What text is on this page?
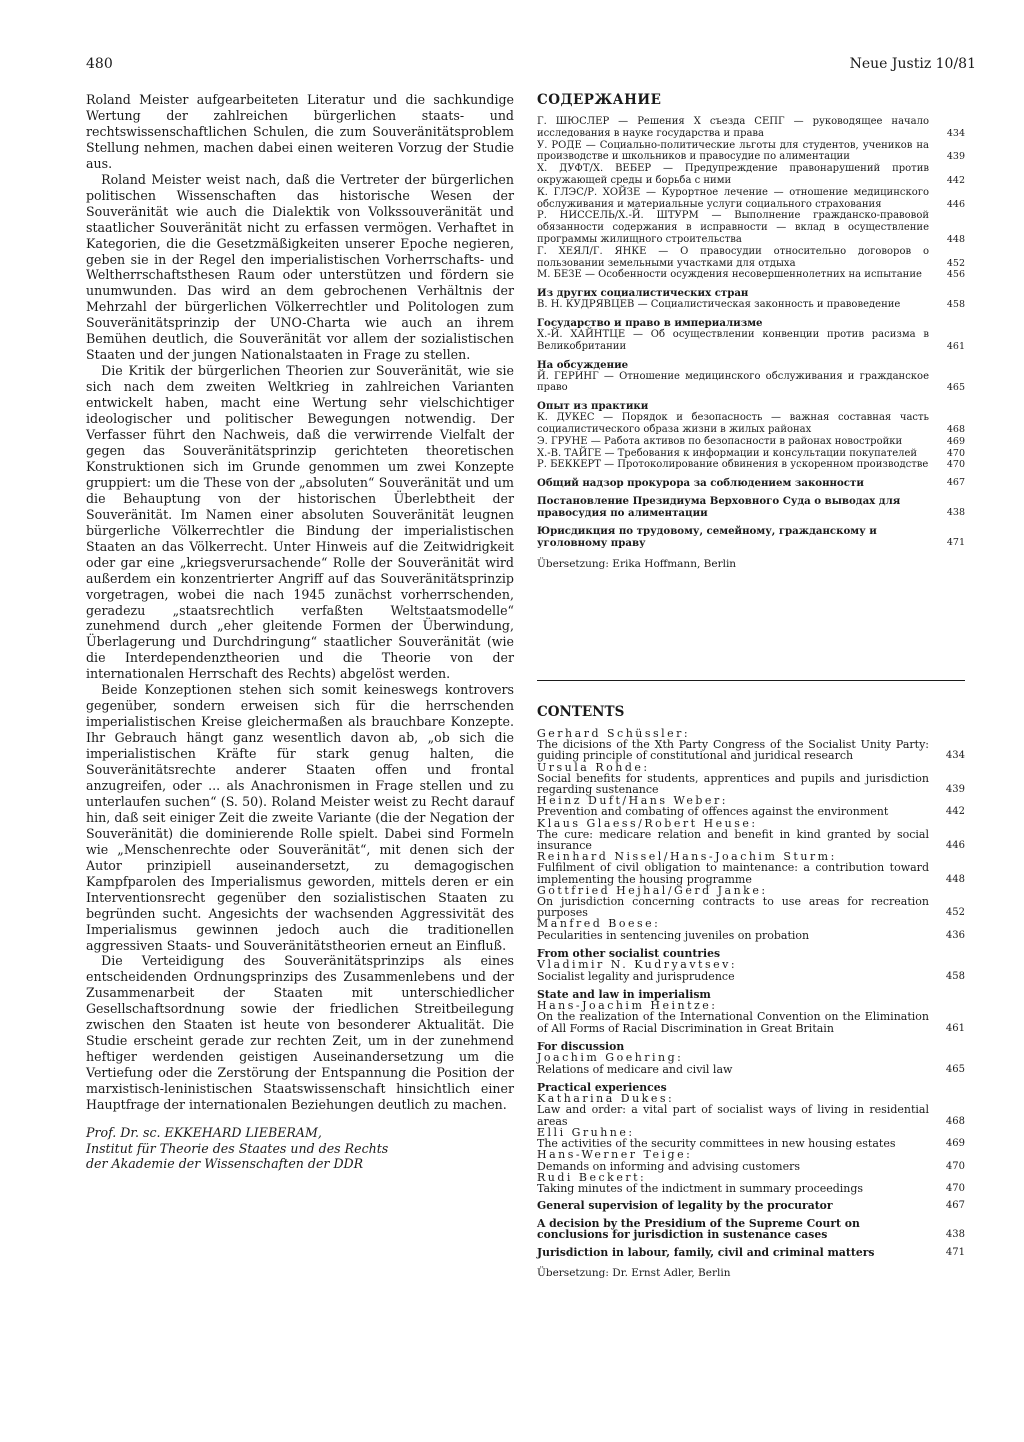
480	Neue Justiz 10/81

Roland Meister aufgearbeiteten Literatur und die sachkundige Wertung der zahlreichen bürgerlichen staats- und rechtswissenschaftlichen Schulen, die zum Souveränitätsproblem Stellung nehmen, machen dabei einen weiteren Vorzug der Studie aus.

Roland Meister weist nach, daß die Vertreter der bürgerlichen politischen Wissenschaften das historische Wesen der Souveränität wie auch die Dialektik von Volkssouveränität und staatlicher Souveränität nicht zu erfassen vermögen. Verhaftet in Kategorien, die die Gesetzmäßigkeiten unserer Epoche negieren, geben sie in der Regel den imperialistischen Vorherrschafts- und Weltherrschaftsthesen Raum oder unterstützen und fördern sie unumwunden. Das wird an dem gebrochenen Verhältnis der Mehrzahl der bürgerlichen Völkerrechtler und Politologen zum Souveränitätsprinzip der UNO-Charta wie auch an ihrem Bemühen deutlich, die Souveränität vor allem der sozialistischen Staaten und der jungen Nationalstaaten in Frage zu stellen.

Die Kritik der bürgerlichen Theorien zur Souveränität, wie sie sich nach dem zweiten Weltkrieg in zahlreichen Varianten entwickelt haben, macht eine Wertung sehr vielschichtiger ideologischer und politischer Bewegungen notwendig. Der Verfasser führt den Nachweis, daß die verwirrende Vielfalt der gegen das Souveränitätsprinzip gerichteten theoretischen Konstruktionen sich im Grunde genommen um zwei Konzepte gruppiert: um die These von der „absoluten“ Souveränität und um die Behauptung von der historischen Überlebtheit der Souveränität. Im Namen einer absoluten Souveränität leugnen bürgerliche Völkerrechtler die Bindung der imperialistischen Staaten an das Völkerrecht. Unter Hinweis auf die Zeitwidrigkeit oder gar eine „kriegsverursachende“ Rolle der Souveränität wird außerdem ein konzentrierter Angriff auf das Souveränitätsprinzip vorgetragen, wobei die nach 1945 zunächst vorherrschenden, geradezu „staatsrechtlich verfaßten Weltstaatsmodelle“ zunehmend durch „eher gleitende Formen der Überwindung, Überlagerung und Durchdringung“ staatlicher Souveränität (wie die Interdependenztheorien und die Theorie von der internationalen Herrschaft des Rechts) abgelöst werden.

Beide Konzeptionen stehen sich somit keineswegs kontrovers gegenüber, sondern erweisen sich für die herrschenden imperialistischen Kreise gleichermaßen als brauchbare Konzepte. Ihr Gebrauch hängt ganz wesentlich davon ab, „ob sich die imperialistischen Kräfte für stark genug halten, die Souveränitätsrechte anderer Staaten offen und frontal anzugreifen, oder ... als Anachronismen in Frage stellen und zu unterlaufen suchen“ (S. 50). Roland Meister weist zu Recht darauf hin, daß seit einiger Zeit die zweite Variante (die der Negation der Souveränität) die dominierende Rolle spielt. Dabei sind Formeln wie „Menschenrechte oder Souveränität“, mit denen sich der Autor prinzipiell auseinandersetzt, zu demagogischen Kampfparolen des Imperialismus geworden, mittels deren er ein Interventionsrecht gegenüber den sozialistischen Staaten zu begründen sucht. Angesichts der wachsenden Aggressivität des Imperialismus gewinnen jedoch auch die traditionellen aggressiven Staats- und Souveränitätstheorien erneut an Einfluß.

Die Verteidigung des Souveränitätsprinzips als eines entscheidenden Ordnungsprinzips des Zusammenlebens und der Zusammenarbeit der Staaten mit unterschiedlicher Gesellschaftsordnung sowie der friedlichen Streitbeilegung zwischen den Staaten ist heute von besonderer Aktualität. Die Studie erscheint gerade zur rechten Zeit, um in der zunehmend heftiger werdenden geistigen Auseinandersetzung um die Vertiefung oder die Zerstörung der Entspannung die Position der marxistisch-leninistischen Staatswissenschaft hinsichtlich einer Hauptfrage der internationalen Beziehungen deutlich zu machen.

Prof. Dr. sc. EKKEHARD LIEBERAM,
Institut für Theorie des Staates und des Rechts
der Akademie der Wissenschaften der DDR
СОДЕРЖАНИЕ
Г. ШЮСЛЕР — Решения X съезда СЕПГ — руководящее начало исследования в науке государства и права	434
У. РОДЕ — Социально-политические льготы для студентов, учеников на производстве и школьников и правосудие по алиментации	439
Х. ДУФТ/Х. ВЕБЕР — Предупреждение правонарушений против окружающей среды и борьба с ними	442
К. ГЛЭС/Р. ХОЙЗЕ — Курортное лечение — отношение медицинского обслуживания и материальные услуги социального страхования	446
Р. НИССЕЛЬ/Х.-Й. ШТУРМ — Выполнение гражданско-правовой обязанности содержания в исправности — вклад в осуществление программы жилищного строительства	448
Г. ХЕЯЛ/Г. ЯНКЕ — О правосудии относительно договоров о пользовании земельными участками для отдыха	452
М. БЕЗЕ — Особенности осуждения несовершеннолетних на испытание	456
Из других социалистических стран
В. Н. КУДРЯВЦЕВ — Социалистическая законность и правоведение	458
Государство и право в империализме
Х.-Й. ХАЙНТЦЕ — Об осуществлении конвенции против расизма в Великобритании	461
На обсуждение
Й. ГЕРИНГ — Отношение медицинского обслуживания и гражданское право	465
Опыт из практики
К. ДУКЕС — Порядок и безопасность — важная составная часть социалистического образа жизни в жилых районах	468
Э. ГРУНЕ — Работа активов по безопасности в районах новостройки	469
Х.-В. ТАЙГЕ — Требования к информации и консультации покупателей	470
Р. БЕККЕРТ — Протоколирование обвинения в ускоренном производстве	470
Общий надзор прокурора за соблюдением законности	467
Постановление Президиума Верховного Суда о выводах для правосудия по алиментации	438
Юрисдикция по трудовому, семейному, гражданскому и уголовному праву	471
Übersetzung: Erika Hoffmann, Berlin
CONTENTS
Gerhard Schüssler:
The dicisions of the Xth Party Congress of the Socialist Unity Party: guiding principle of constitutional and juridical research	434
Ursula Rohde:
Social benefits for students, apprentices and pupils and jurisdiction regarding sustenance	439
Heinz Duft/Hans Weber:
Prevention and combating of offences against the environment	442
Klaus Glaess/Robert Heuse:
The cure: medicare relation and benefit in kind granted by social insurance	446
Reinhard Nissel/Hans-Joachim Sturm:
Fulfilment of civil obligation to maintenance: a contribution toward implementing the housing programme	448
Gottfried Hejhal/Gerd Janke:
On jurisdiction concerning contracts to use areas for recreation purposes	452
Manfred Boese:
Pecularities in sentencing juveniles on probation	436
From other socialist countries
Vladimir N. Kudryavtsev:
Socialist legality and jurisprudence	458
State and law in imperialism
Hans-Joachim Heintze:
On the realization of the International Convention on the Elimination of All Forms of Racial Discrimination in Great Britain	461
For discussion
Joachim Goehring:
Relations of medicare and civil law	465
Practical experiences
Katharina Dukes:
Law and order: a vital part of socialist ways of living in residential areas	468
Elli Gruhne:
The activities of the security committees in new housing estates	469
Hans-Werner Teige:
Demands on informing and advising customers	470
Rudi Beckert:
Taking minutes of the indictment in summary proceedings	470
General supervision of legality by the procurator	467
A decision by the Presidium of the Supreme Court on conclusions for jurisdiction in sustenance cases	438
Jurisdiction in labour, family, civil and criminal matters	471
Übersetzung: Dr. Ernst Adler, Berlin
